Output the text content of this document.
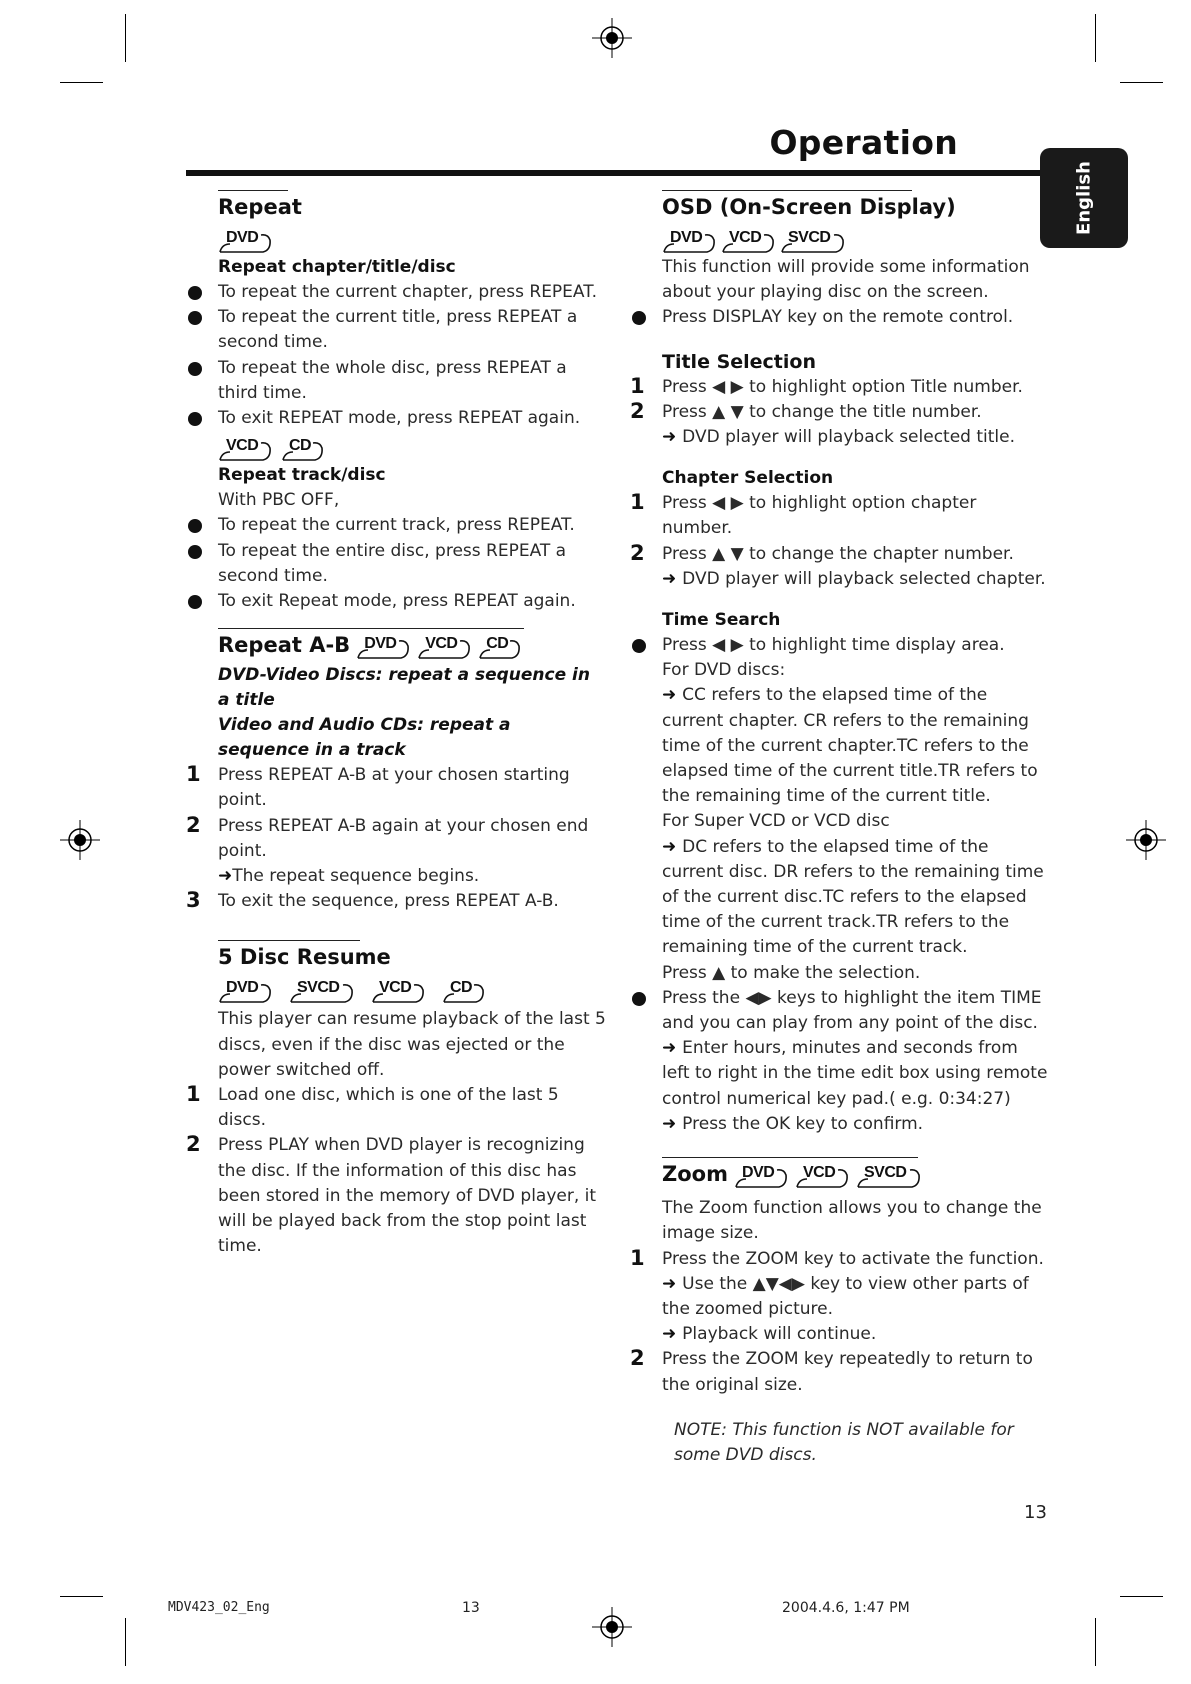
Operation
English
Repeat
DVD
Repeat chapter/title/disc
To repeat the current chapter, press REPEAT.
To repeat the current title, press REPEAT a second time.
To repeat the whole disc, press REPEAT a third time.
To exit REPEAT mode, press REPEAT again.
VCD CD
Repeat track/disc
With PBC OFF,
To repeat the current track, press REPEAT.
To repeat the entire disc, press REPEAT a second time.
To exit Repeat mode, press REPEAT again.
Repeat A-B DVD VCD CD
DVD-Video Discs: repeat a sequence in a title
Video and Audio CDs: repeat a sequence in a track
1 Press REPEAT A-B at your chosen starting point.
2 Press REPEAT A-B again at your chosen end point.
➜The repeat sequence begins.
3 To exit the sequence, press REPEAT A-B.
5 Disc Resume
DVD SVCD VCD CD
This player can resume playback of the last 5 discs, even if the disc was ejected or the power switched off.
1 Load one disc, which is one of the last 5 discs.
2 Press PLAY when DVD player is recognizing the disc. If the information of this disc has been stored in the memory of DVD player, it will be played back from the stop point last time.
OSD (On-Screen Display)
DVD VCD SVCD
This function will provide some information about your playing disc on the screen.
Press DISPLAY key on the remote control.
Title Selection
1 Press ◀ ▶ to highlight option Title number.
2 Press ▲ ▼ to change the title number.
➜ DVD player will playback selected title.
Chapter Selection
1 Press ◀ ▶ to highlight option chapter number.
2 Press ▲ ▼ to change the chapter number.
➜ DVD player will playback selected chapter.
Time Search
Press ◀ ▶ to highlight time display area.
For DVD discs:
➜ CC refers to the elapsed time of the current chapter. CR refers to the remaining time of the current chapter.TC refers to the elapsed time of the current title.TR refers to the remaining time of the current title.
For Super VCD or VCD disc
➜ DC refers to the elapsed time of the current disc. DR refers to the remaining time of the current disc.TC refers to the elapsed time of the current track.TR refers to the remaining time of the current track.
Press ▲ to make the selection.
Press the ◀▶ keys to highlight the item TIME and you can play from any point of the disc.
➜ Enter hours, minutes and seconds from left to right in the time edit box using remote control numerical key pad.( e.g. 0:34:27)
➜ Press the OK key to confirm.
Zoom DVD VCD SVCD
The Zoom function allows you to change the image size.
1 Press the ZOOM key to activate the function.
➜ Use the ▲▼◀▶ key to view other parts of the zoomed picture.
➜ Playback will continue.
2 Press the ZOOM key repeatedly to return to the original size.
NOTE: This function is NOT available for some DVD discs.
13
MDV423_02_Eng	13	2004.4.6, 1:47 PM
